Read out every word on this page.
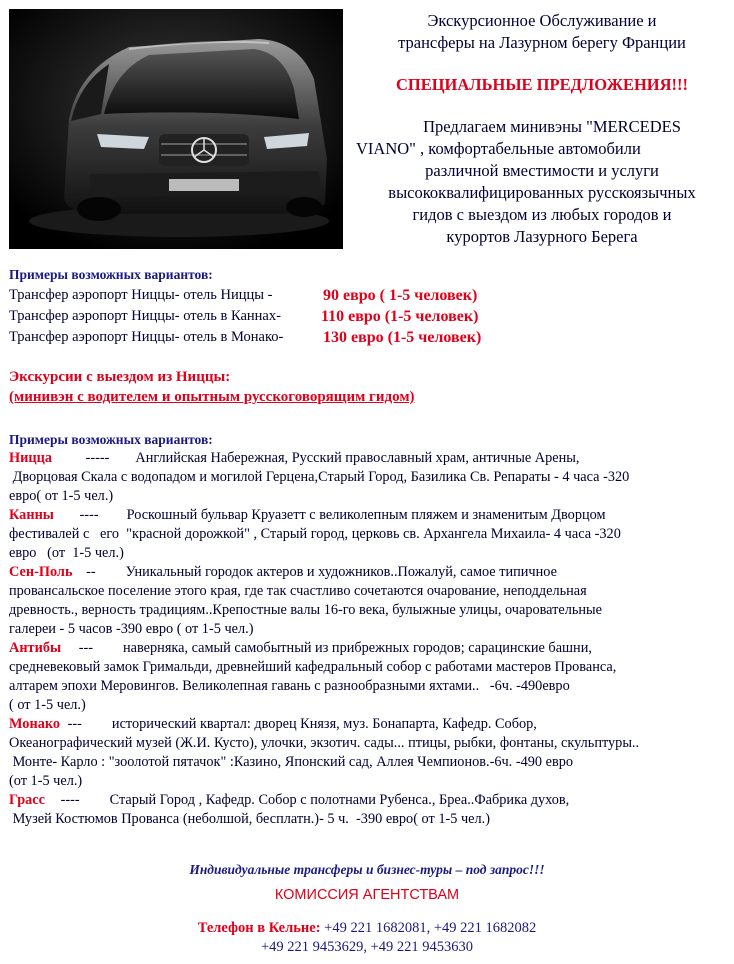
Экскурсионное Обслуживание и
трансферы на Лазурном берегу Франции
СПЕЦИАЛЬНЫЕ ПРЕДЛОЖЕНИЯ!!!
Предлагаем минивэны "MERCEDES
VIANO" , комфортабельные автомобили
различной вместимости и услуги
высококвалифицированных русскоязычных
гидов с выездом из любых городов и
курортов Лазурного Берега
Примеры возможных вариантов:
Трансфер аэропорт Ниццы- отель Ниццы -	90 евро ( 1-5 человек)
Трансфер аэропорт Ниццы- отель в Каннах-	110 евро (1-5 человек)
Трансфер аэропорт Ниццы- отель в Монако- 130 евро (1-5 человек)
Экскурсии с выездом из Ниццы:
(минивэн с водителем и опытным русскоговорящим гидом)
Примеры возможных вариантов:
Ницца ----- Английская Набережная, Русский православный храм, античные Арены,
Дворцовая Скала с водопадом и могилой Герцена,Старый Город, Базилика Св. Репараты - 4 часа -320
евро( от 1-5 чел.)
Канны ---- Роскошный бульвар Круазетт с великолепным пляжем и знаменитым Дворцом
фестивалей с   его  "красной дорожкой" , Старый город, церковь св. Архангела Михаила- 4 часа -320
евро   (от  1-5 чел.)
Сен-Поль -- Уникальный городок актеров и художников..Пожалуй, самое типичное
провансальское поселение этого края, где так счастливо сочетаются очарование, неподдельная
древность., верность традициям..Крепостные валы 16-го века, булыжные улицы, очаровательные
галереи - 5 часов -390 евро ( от 1-5 чел.)
Антибы --- наверняка, самый самобытный из прибрежных городов; сарацинские башни,
средневековый замок Гримальди, древнейший кафедральный собор с работами мастеров Прованса,
алтарем эпохи Меровингов. Великолепная гавань с разнообразными яхтами..   -6ч. -490евро
( от 1-5 чел.)
Монако --- исторический квартал: дворец Князя, муз. Бонапарта, Кафедр. Собор,
Океанографический музей (Ж.И. Кусто), улочки, экзотич. сады... птицы, рыбки, фонтаны, скульптуры..
Монте- Карло : "зоолотой пятачок" :Казино, Японский сад, Аллея Чемпионов.-6ч. -490 евро
(от 1-5 чел.)
Грасс ---- Старый Город , Кафедр. Собор с полотнами Рубенса., Бреа..Фабрика духов,
Музей Костюмов Прованса (неболшой, бесплатн.)- 5 ч.  -390 евро( от 1-5 чел.)
Индивидуальные трансферы и бизнес-туры – под запрос!!!
КОМИССИЯ АГЕНТСТВАМ
Телефон в Кельне: +49 221 1682081, +49 221 1682082
+49 221 9453629, +49 221 9453630
